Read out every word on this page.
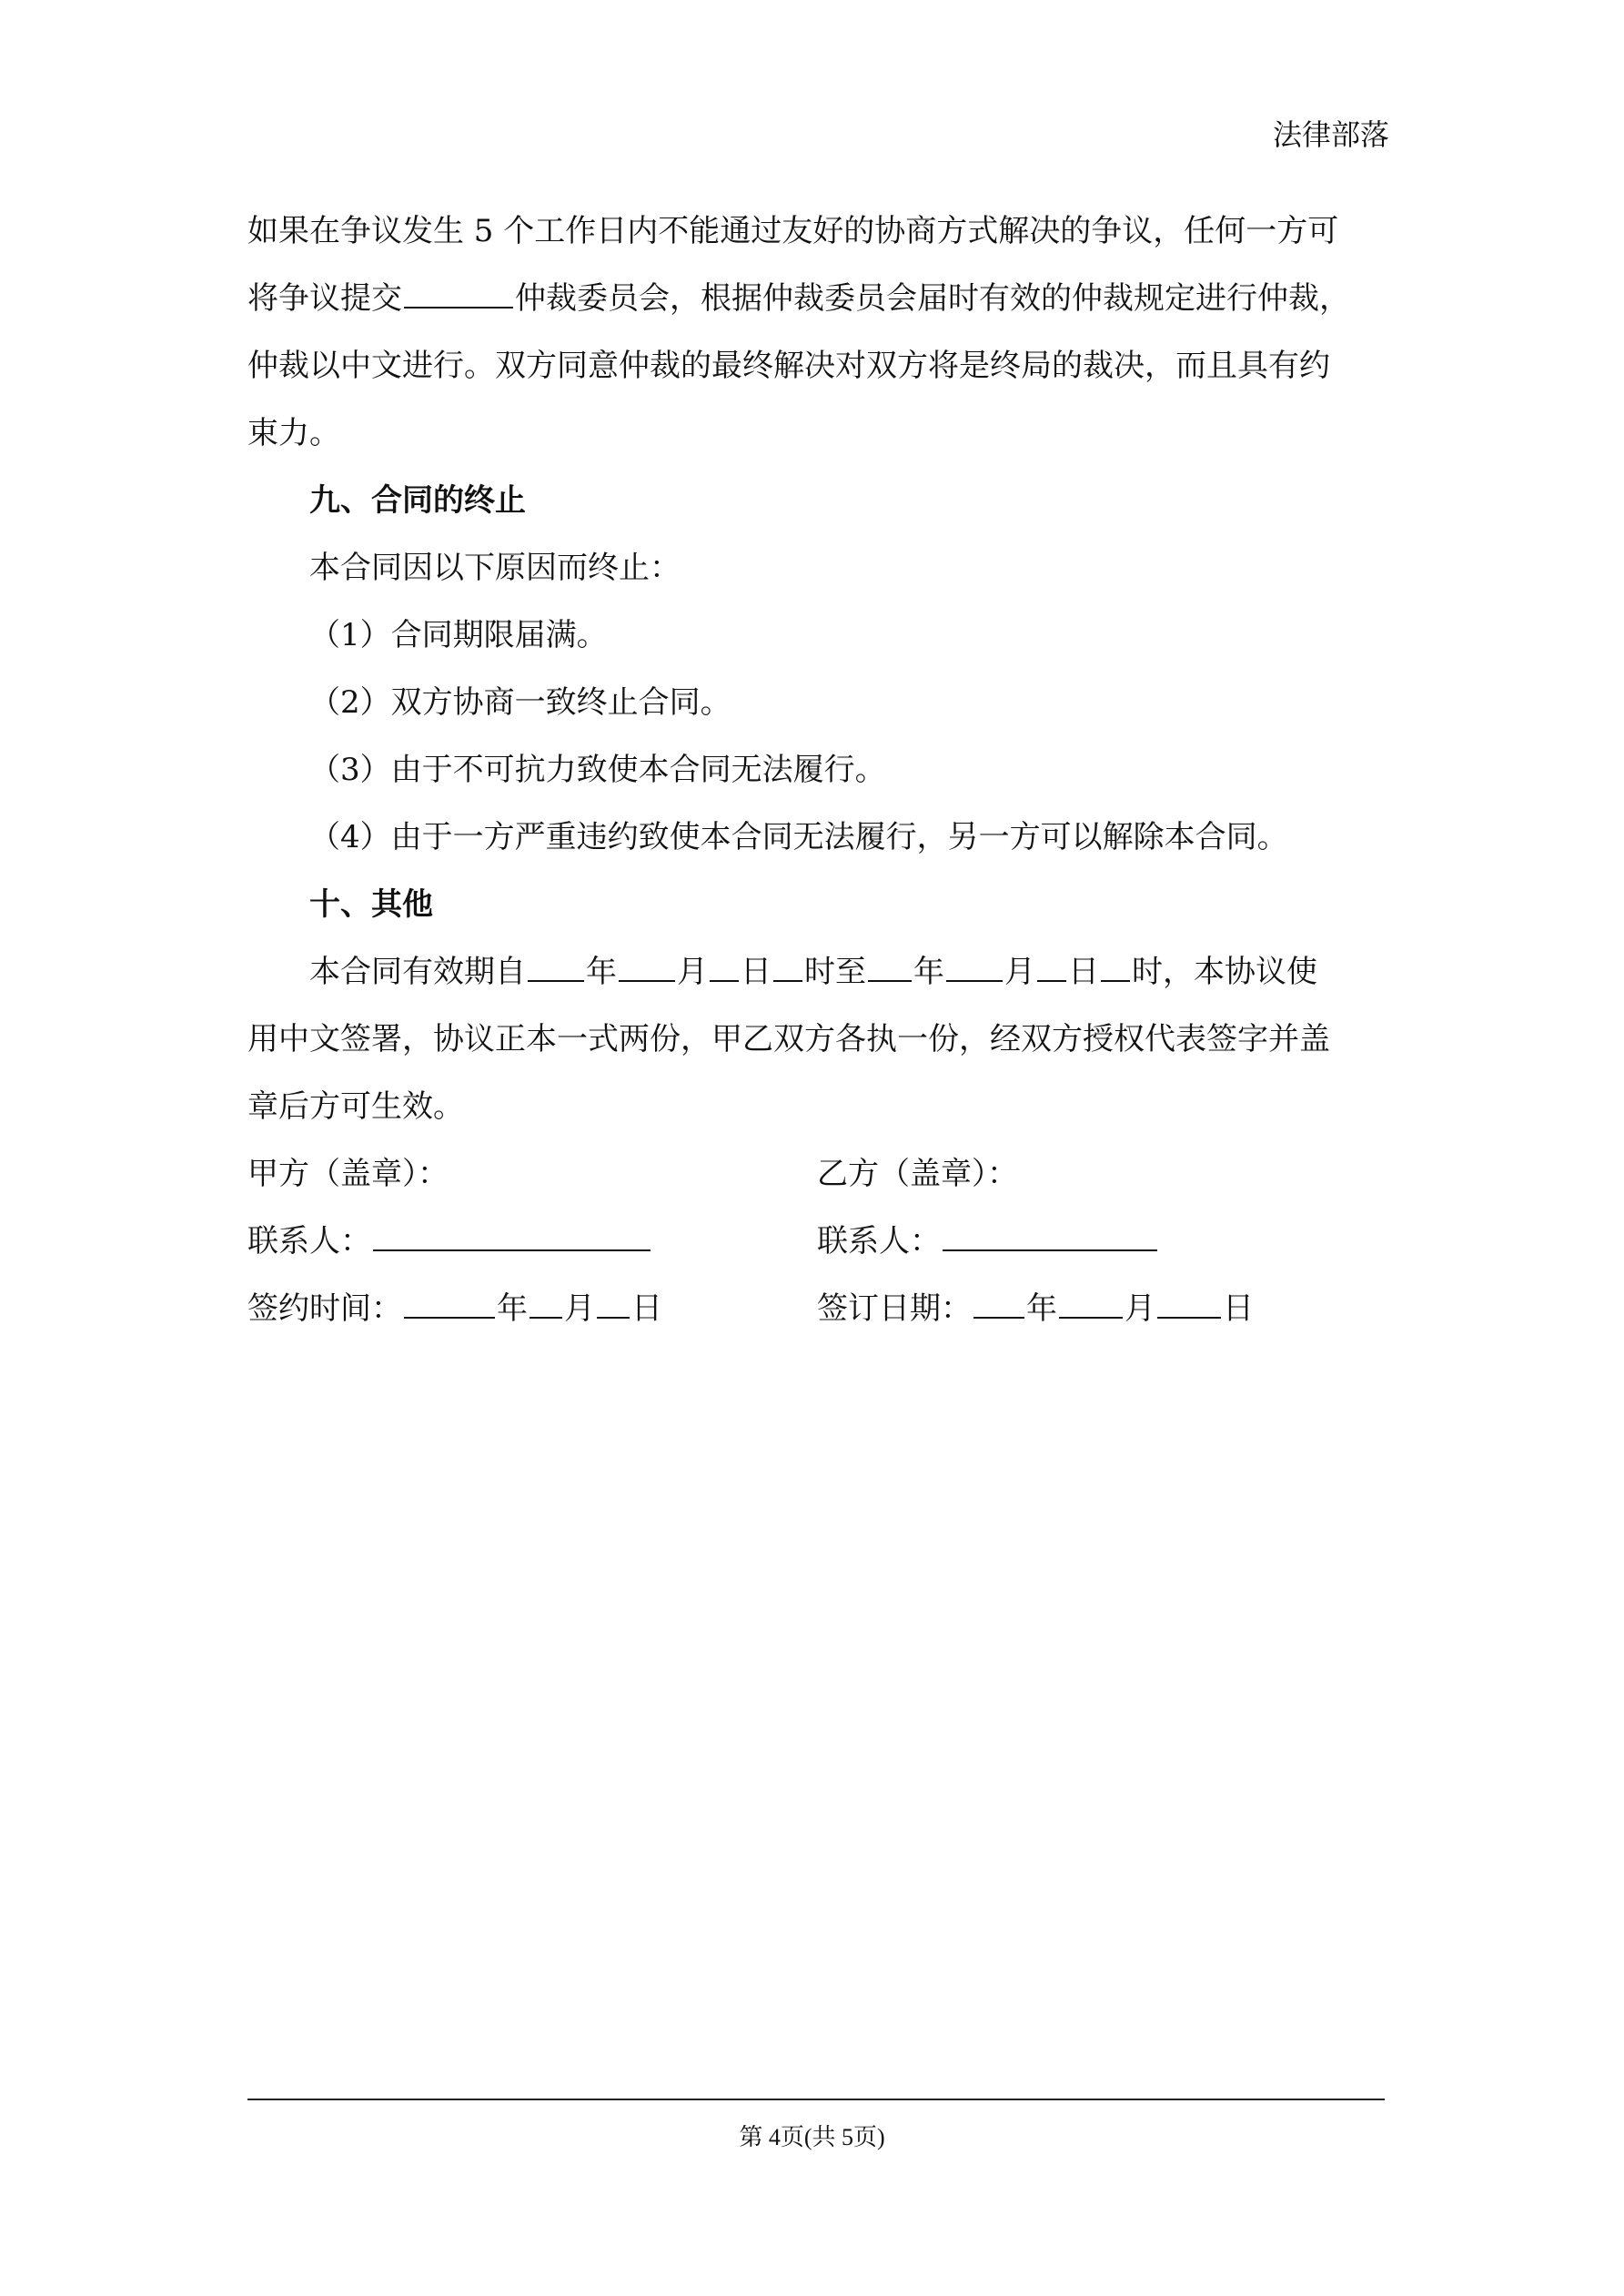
法律部落
如果在争议发生 5 个工作日内不能通过友好的协商方式解决的争议，任何一方可
将争议提交	仲裁委员会，根据仲裁委员会届时有效的仲裁规定进行仲裁，
仲裁以中文进行。双方同意仲裁的最终解决对双方将是终局的裁决，而且具有约
束力。
九、合同的终止
本合同因以下原因而终止：
（1）合同期限届满。
（2）双方协商一致终止合同。
（3）由于不可抗力致使本合同无法履行。
（4）由于一方严重违约致使本合同无法履行，另一方可以解除本合同。
十、其他
本合同有效期自 年 月 日 时至 年 月 日 时，本协议使
用中文签署，协议正本一式两份，甲乙双方各执一份，经双方授权代表签字并盖
章后方可生效。
甲方（盖章）：
联系人：
签约时间：	年 月 日
乙方（盖章）：
联系人：
签订日期： 年 月 日
第 4页(共 5页)
